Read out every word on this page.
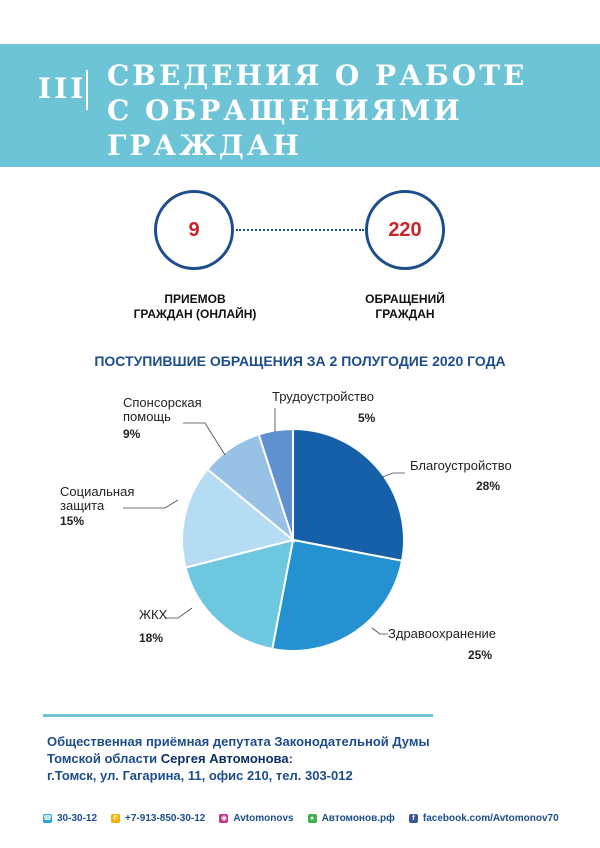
III СВЕДЕНИЯ О РАБОТЕ
С ОБРАЩЕНИЯМИ
ГРАЖДАН
9	220
ПРИЕМОВ
ГРАЖДАН (ОНЛАЙН)
ОБРАЩЕНИЙ
ГРАЖДАН
ПОСТУПИВШИЕ ОБРАЩЕНИЯ ЗА 2 ПОЛУГОДИЕ 2020 ГОДА
Благоустройство
28%
Здравоохранение
25%
ЖКХ
18%
Социальная
защита
15%
Спонсорская
помощь
9%
Трудоустройство
5%
Общественная приёмная депутата Законодательной Думы
Томской области Сергея Автомонова:
г.Томск, ул. Гагарина, 11, офис 210, тел. 303-012
☎ 30-30-12 ✆ +7-913-850-30-12 ◉ Avtomonovs	● Автомонов.рф	f facebook.com/Avtomonov70
